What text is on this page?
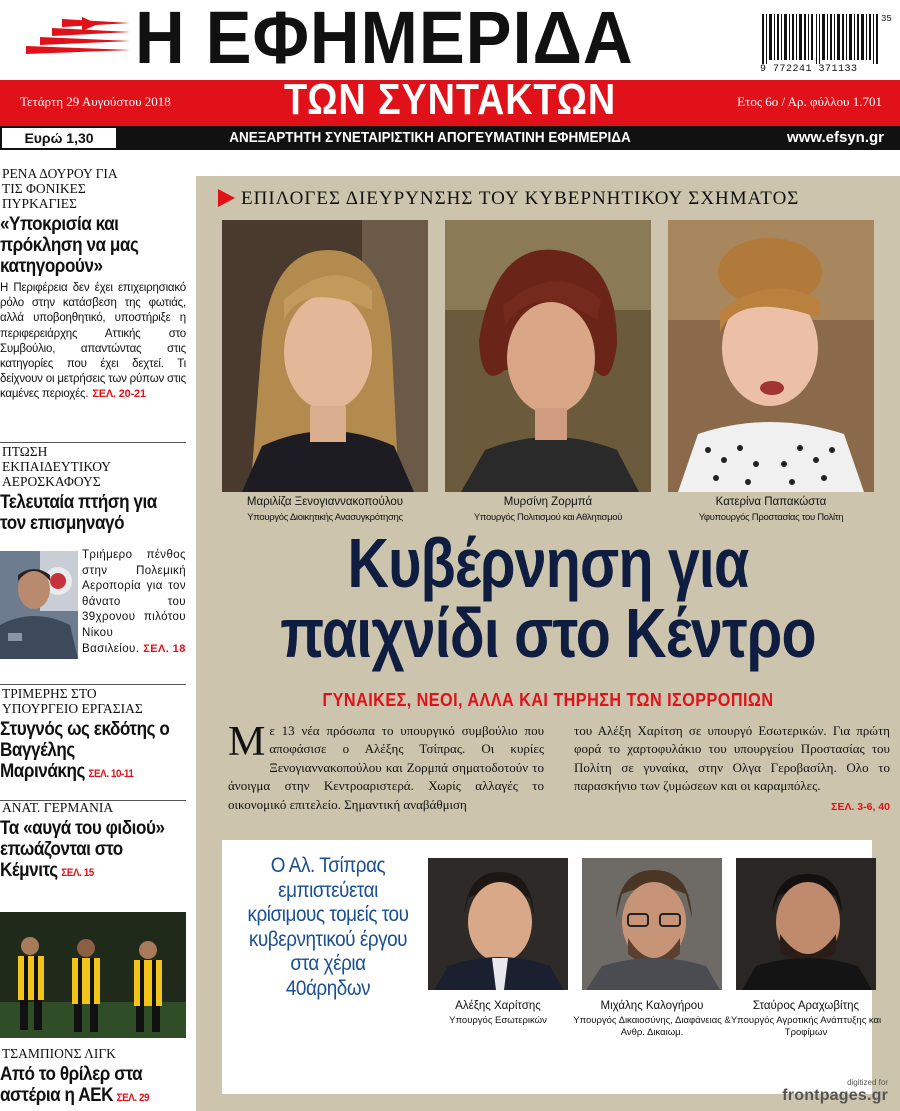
Η ΕΦΗΜΕΡΙΔΑ	9 772241 371133
35
Τετάρτη 29 Αυγούστου 2018	ΤΩΝ ΣΥΝΤΑΚΤΩΝ	Ετος 6ο / Αρ. φύλλου 1.701
Ευρώ 1,30	ΑΝΕΞΑΡΤΗΤΗ ΣΥΝΕΤΑΙΡΙΣΤΙΚΗ ΑΠΟΓΕΥΜΑΤΙΝΗ ΕΦΗΜΕΡΙΔΑ	www.efsyn.gr
ΡΕΝΑ ΔΟΥΡΟΥ ΓΙΑ ΤΙΣ ΦΟΝΙΚΕΣ ΠΥΡΚΑΓΙΕΣ
«Υποκρισία και πρόκληση να μας κατηγορούν»
Η Περιφέρεια δεν έχει επιχειρησιακό ρόλο στην κατάσβεση της φωτιάς, αλλά υποβοηθητικό, υποστήριξε η περιφερειάρχης Αττικής στο Συμβούλιο, απαντώντας στις κατηγορίες που έχει δεχτεί. Τι δείχνουν οι μετρήσεις των ρύπων στις καμένες περιοχές. ΣΕΛ. 20-21
ΠΤΩΣΗ ΕΚΠΑΙΔΕΥΤΙΚΟΥ ΑΕΡΟΣΚΑΦΟΥΣ
Τελευταία πτήση για τον επισμηναγό
Τριήμερο πένθος στην Πολεμική Αεροπορία για τον θάνατο του 39χρονου πιλότου Νίκου Βασιλείου. ΣΕΛ. 18
ΤΡΙΜΕΡΗΣ ΣΤΟ ΥΠΟΥΡΓΕΙΟ ΕΡΓΑΣΙΑΣ
Στυγνός ως εκδότης ο Βαγγέλης Μαρινάκης ΣΕΛ. 10-11
ΑΝΑΤ. ΓΕΡΜΑΝΙΑ
Τα «αυγά του φιδιού» επωάζονται στο Κέμνιτς ΣΕΛ. 15
ΤΣΑΜΠΙΟΝΣ ΛΙΓΚ
Από το θρίλερ στα αστέρια η ΑΕΚ ΣΕΛ. 29
ΕΠΙΛΟΓΕΣ ΔΙΕΥΡΥΝΣΗΣ ΤΟΥ ΚΥΒΕΡΝΗΤΙΚΟΥ ΣΧΗΜΑΤΟΣ
Μαριλίζα Ξενογιαννακοπούλου
Υπουργός Διοικητικής Ανασυγκρότησης
Μυρσίνη Ζορμπά
Υπουργός Πολιτισμού και Αθλητισμού
Κατερίνα Παπακώστα
Υφυπουργός Προστασίας του Πολίτη
Κυβέρνηση για
παιχνίδι στο Κέντρο
ΓΥΝΑΙΚΕΣ, ΝΕΟΙ, ΑΛΛΑ ΚΑΙ ΤΗΡΗΣΗ ΤΩΝ ΙΣΟΡΡΟΠΙΩΝ
Με 13 νέα πρόσωπα το υπουργικό συμβούλιο που αποφάσισε ο Αλέξης Τσίπρας. Οι κυρίες Ξενογιαννακοπούλου και Ζορμπά σηματοδοτούν το άνοιγμα στην Κεντροαριστερά. Χωρίς αλλαγές το οικονομικό επιτελείο. Σημαντική αναβάθμιση
του Αλέξη Χαρίτση σε υπουργό Εσωτερικών. Για πρώτη φορά το χαρτοφυλάκιο του υπουργείου Προστασίας του Πολίτη σε γυναίκα, στην Ολγα Γεροβασίλη. Ολο το παρασκήνιο των ζυμώσεων και οι καραμπόλες.

ΣΕΛ. 3-6, 40
Ο Αλ. Τσίπρας εμπιστεύεται κρίσιμους τομείς του κυβερνητικού έργου στα χέρια 40άρηδων
Αλέξης Χαρίτσης
Υπουργός Εσωτερικών
Μιχάλης Καλογήρου
Υπουργός Δικαιοσύνης, Διαφάνειας & Ανθρ. Δικαιωμ.
Σταύρος Αραχωβίτης
Υπουργός Αγροτικής Ανάπτυξης και Τροφίμων
digitized for
frontpages.gr
